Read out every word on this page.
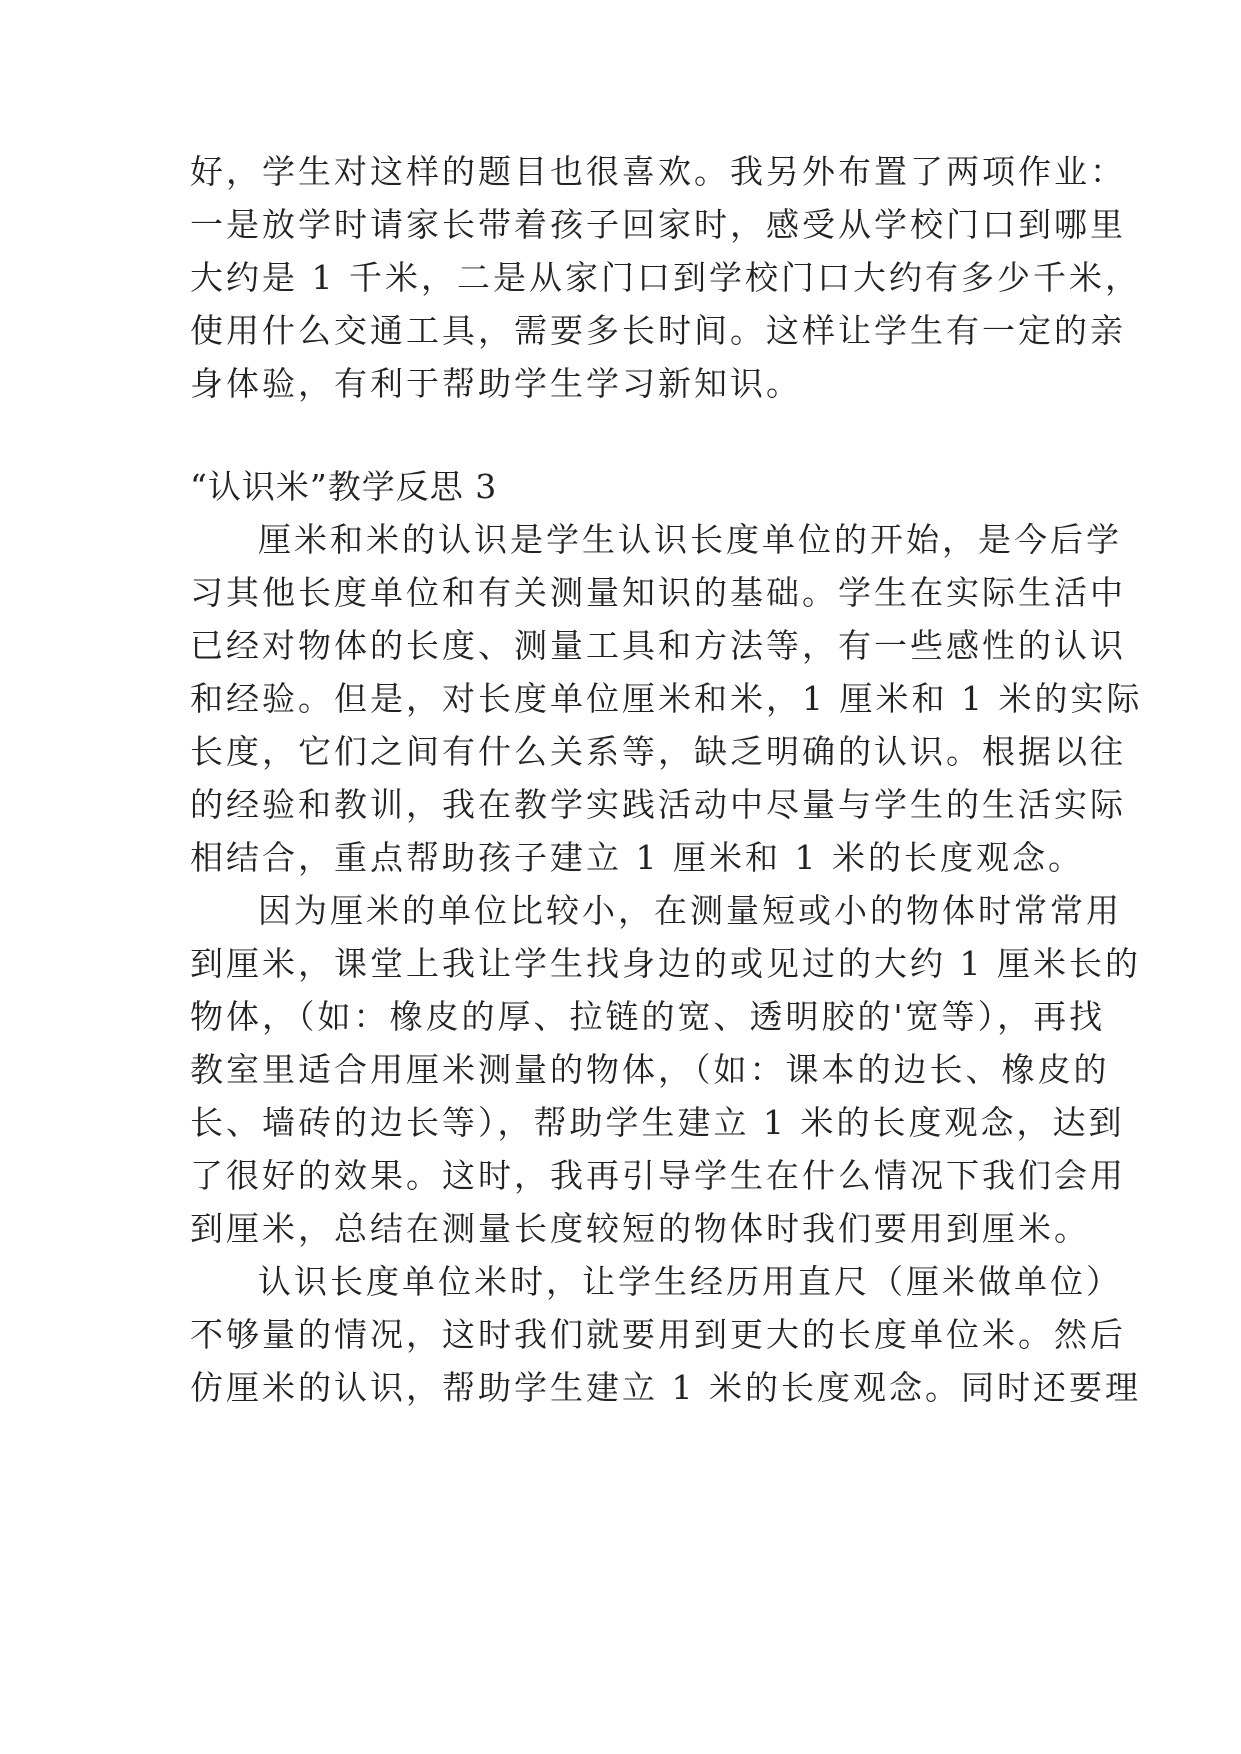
好，学生对这样的题目也很喜欢。我另外布置了两项作业：
一是放学时请家长带着孩子回家时，感受从学校门口到哪里
大约是 1 千米，二是从家门口到学校门口大约有多少千米，
使用什么交通工具，需要多长时间。这样让学生有一定的亲
身体验，有利于帮助学生学习新知识。
“认识米”教学反思 3
厘米和米的认识是学生认识长度单位的开始，是今后学
习其他长度单位和有关测量知识的基础。学生在实际生活中
已经对物体的长度、测量工具和方法等，有一些感性的认识
和经验。但是，对长度单位厘米和米，1 厘米和 1 米的实际
长度，它们之间有什么关系等，缺乏明确的认识。根据以往
的经验和教训，我在教学实践活动中尽量与学生的生活实际
相结合，重点帮助孩子建立 1 厘米和 1 米的长度观念。
因为厘米的单位比较小，在测量短或小的物体时常常用
到厘米，课堂上我让学生找身边的或见过的大约 1 厘米长的
物体，（如：橡皮的厚、拉链的宽、透明胶的'宽等），再找
教室里适合用厘米测量的物体，（如：课本的边长、橡皮的
长、墙砖的边长等），帮助学生建立 1 米的长度观念，达到
了很好的效果。这时，我再引导学生在什么情况下我们会用
到厘米，总结在测量长度较短的物体时我们要用到厘米。
认识长度单位米时，让学生经历用直尺（厘米做单位）
不够量的情况，这时我们就要用到更大的长度单位米。然后
仿厘米的认识，帮助学生建立 1 米的长度观念。同时还要理
